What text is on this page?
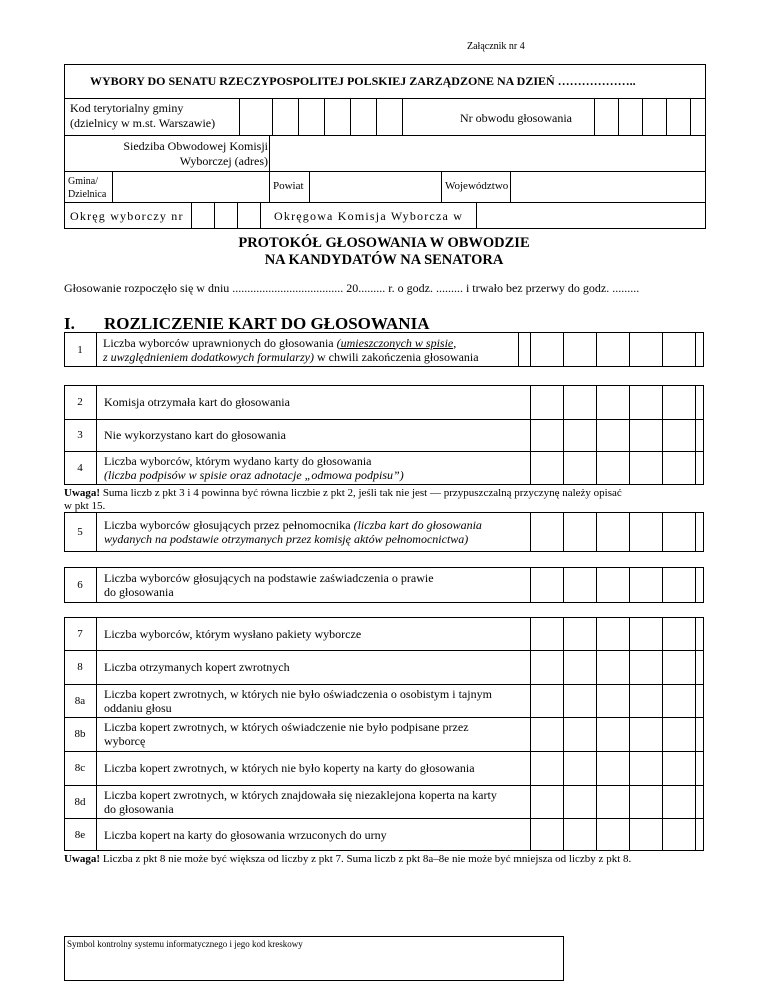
Załącznik nr 4
WYBORY DO SENATU RZECZYPOSPOLITEJ POLSKIEJ ZARZĄDZONE NA DZIEŃ ………………..
Kod terytorialny gminy
(dzielnicy w m.st. Warszawie)	Nr obwodu głosowania
Siedziba Obwodowej Komisji
Wyborczej (adres)
Gmina/
Dzielnica
Powiat	Województwo
Okręg wyborczy nr	Okręgowa Komisja Wyborcza w
PROTOKÓŁ GŁOSOWANIA W OBWODZIE
NA KANDYDATÓW NA SENATORA
Głosowanie rozpoczęło się w dniu ..................................... 20......... r. o godz. ......... i trwało bez przerwy do godz. .........
I. ROZLICZENIE KART DO GŁOSOWANIA
1	Liczba wyborców uprawnionych do głosowania (umieszczonych w spisie,
z uwzględnieniem dodatkowych formularzy) w chwili zakończenia głosowania
2	Komisja otrzymała kart do głosowania
3	Nie wykorzystano kart do głosowania
4	Liczba wyborców, którym wydano karty do głosowania
(liczba podpisów w spisie oraz adnotacje „odmowa podpisu”)
Uwaga! Suma liczb z pkt 3 i 4 powinna być równa liczbie z pkt 2, jeśli tak nie jest — przypuszczalną przyczynę należy opisać
w pkt 15.
5	Liczba wyborców głosujących przez pełnomocnika (liczba kart do głosowania
wydanych na podstawie otrzymanych przez komisję aktów pełnomocnictwa)
6	Liczba wyborców głosujących na podstawie zaświadczenia o prawie
do głosowania
7	Liczba wyborców, którym wysłano pakiety wyborcze
8	Liczba otrzymanych kopert zwrotnych
8a	Liczba kopert zwrotnych, w których nie było oświadczenia o osobistym i tajnym
oddaniu głosu
8b	Liczba kopert zwrotnych, w których oświadczenie nie było podpisane przez
wyborcę
8c	Liczba kopert zwrotnych, w których nie było koperty na karty do głosowania
8d	Liczba kopert zwrotnych, w których znajdowała się niezaklejona koperta na karty
do głosowania
8e	Liczba kopert na karty do głosowania wrzuconych do urny
Uwaga! Liczba z pkt 8 nie może być większa od liczby z pkt 7. Suma liczb z pkt 8a–8e nie może być mniejsza od liczby z pkt 8.
Symbol kontrolny systemu informatycznego i jego kod kreskowy
